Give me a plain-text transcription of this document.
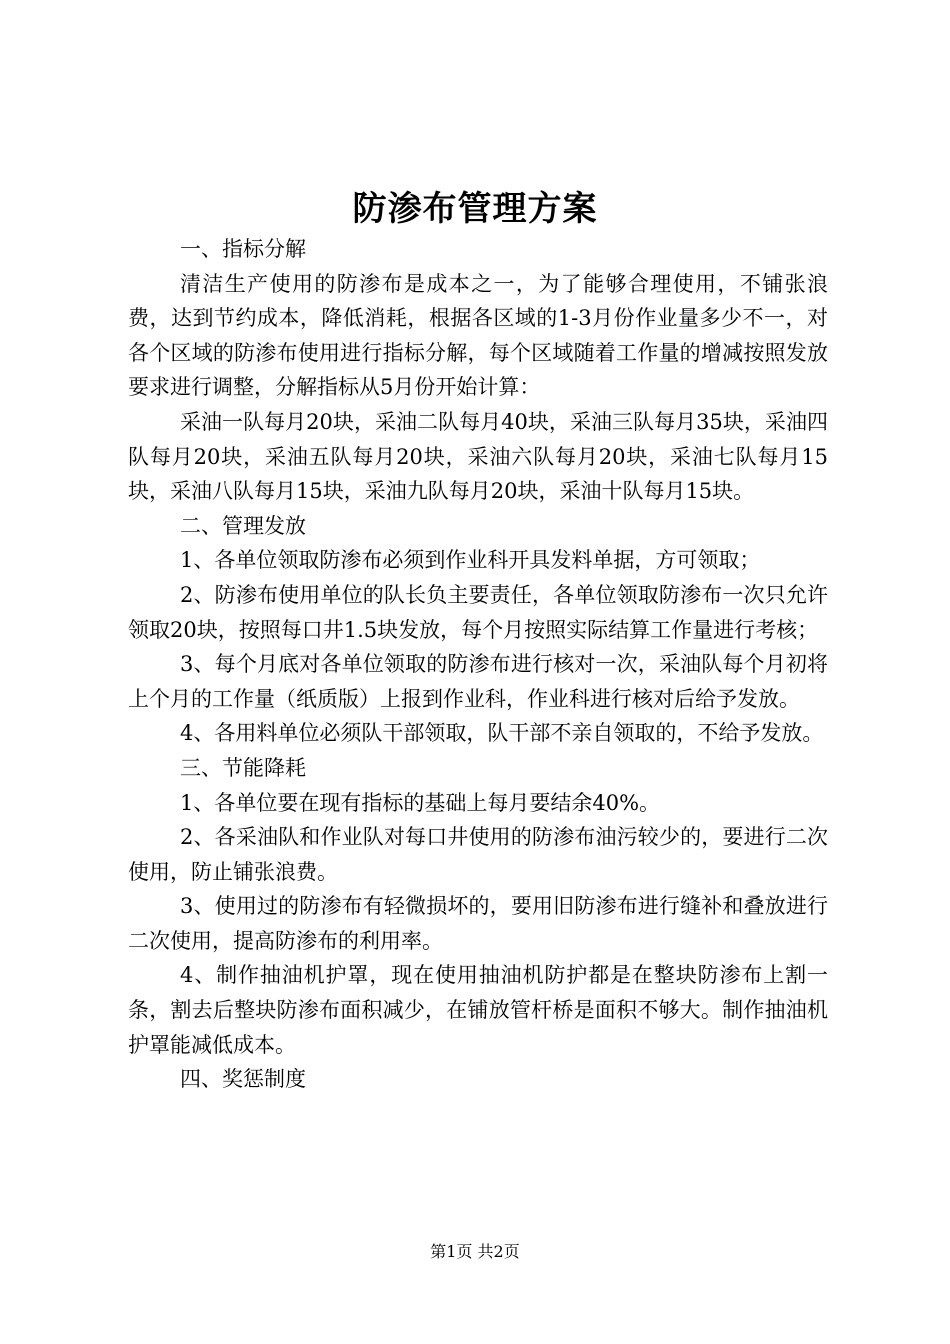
防渗布管理方案

一、指标分解

清洁生产使用的防渗布是成本之一，为了能够合理使用，不铺张浪费，达到节约成本，降低消耗，根据各区域的1-3月份作业量多少不一，对各个区域的防渗布使用进行指标分解，每个区域随着工作量的增减按照发放要求进行调整，分解指标从5月份开始计算：

采油一队每月20块，采油二队每月40块，采油三队每月35块，采油四队每月20块，采油五队每月20块，采油六队每月20块，采油七队每月15块，采油八队每月15块，采油九队每月20块，采油十队每月15块。

二、管理发放

1、各单位领取防渗布必须到作业科开具发料单据，方可领取；

2、防渗布使用单位的队长负主要责任，各单位领取防渗布一次只允许领取20块，按照每口井1.5块发放，每个月按照实际结算工作量进行考核；

3、每个月底对各单位领取的防渗布进行核对一次，采油队每个月初将上个月的工作量（纸质版）上报到作业科，作业科进行核对后给予发放。

4、各用料单位必须队干部领取，队干部不亲自领取的，不给予发放。

三、节能降耗

1、各单位要在现有指标的基础上每月要结余40%。

2、各采油队和作业队对每口井使用的防渗布油污较少的，要进行二次使用，防止铺张浪费。

3、使用过的防渗布有轻微损坏的，要用旧防渗布进行缝补和叠放进行二次使用，提高防渗布的利用率。

4、制作抽油机护罩，现在使用抽油机防护都是在整块防渗布上割一条，割去后整块防渗布面积减少，在铺放管杆桥是面积不够大。制作抽油机护罩能减低成本。

四、奖惩制度

第1页 共2页
